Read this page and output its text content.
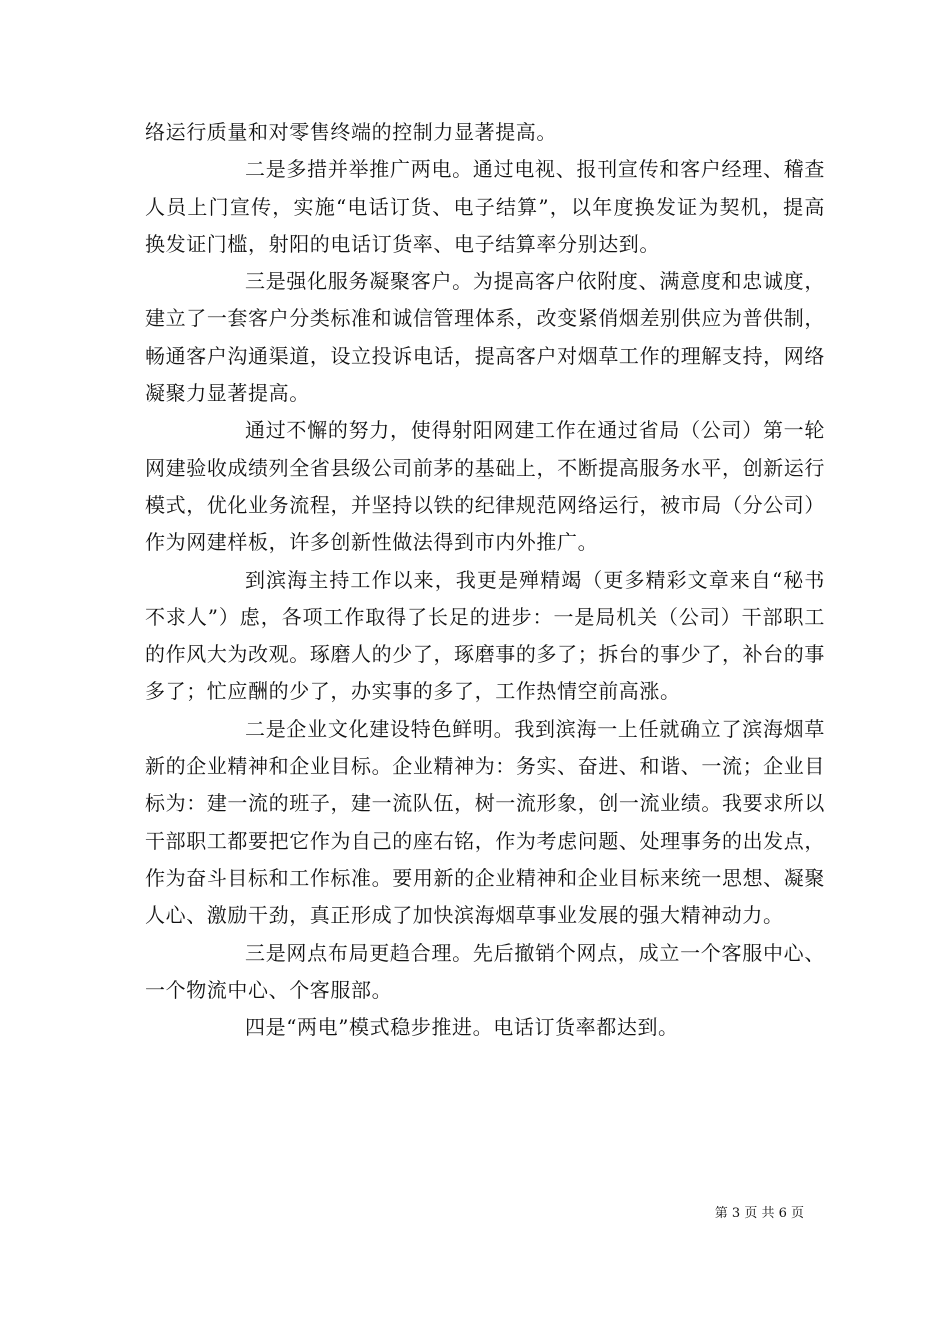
络运行质量和对零售终端的控制力显著提高。

二是多措并举推广两电。通过电视、报刊宣传和客户经理、稽查人员上门宣传，实施“电话订货、电子结算”，以年度换发证为契机，提高换发证门槛，射阳的电话订货率、电子结算率分别达到。

三是强化服务凝聚客户。为提高客户依附度、满意度和忠诚度，建立了一套客户分类标准和诚信管理体系，改变紧俏烟差别供应为普供制，畅通客户沟通渠道，设立投诉电话，提高客户对烟草工作的理解支持，网络凝聚力显著提高。

通过不懈的努力，使得射阳网建工作在通过省局（公司）第一轮网建验收成绩列全省县级公司前茅的基础上，不断提高服务水平，创新运行模式，优化业务流程，并坚持以铁的纪律规范网络运行，被市局（分公司）作为网建样板，许多创新性做法得到市内外推广。

到滨海主持工作以来，我更是殚精竭（更多精彩文章来自“秘书不求人”）虑，各项工作取得了长足的进步：一是局机关（公司）干部职工的作风大为改观。琢磨人的少了，琢磨事的多了；拆台的事少了，补台的事多了；忙应酬的少了，办实事的多了，工作热情空前高涨。

二是企业文化建设特色鲜明。我到滨海一上任就确立了滨海烟草新的企业精神和企业目标。企业精神为：务实、奋进、和谐、一流；企业目标为：建一流的班子，建一流队伍，树一流形象，创一流业绩。我要求所以干部职工都要把它作为自己的座右铭，作为考虑问题、处理事务的出发点，作为奋斗目标和工作标准。要用新的企业精神和企业目标来统一思想、凝聚人心、激励干劲，真正形成了加快滨海烟草事业发展的强大精神动力。

三是网点布局更趋合理。先后撤销个网点，成立一个客服中心、一个物流中心、个客服部。

四是“两电”模式稳步推进。电话订货率都达到。

第 3 页 共 6 页
